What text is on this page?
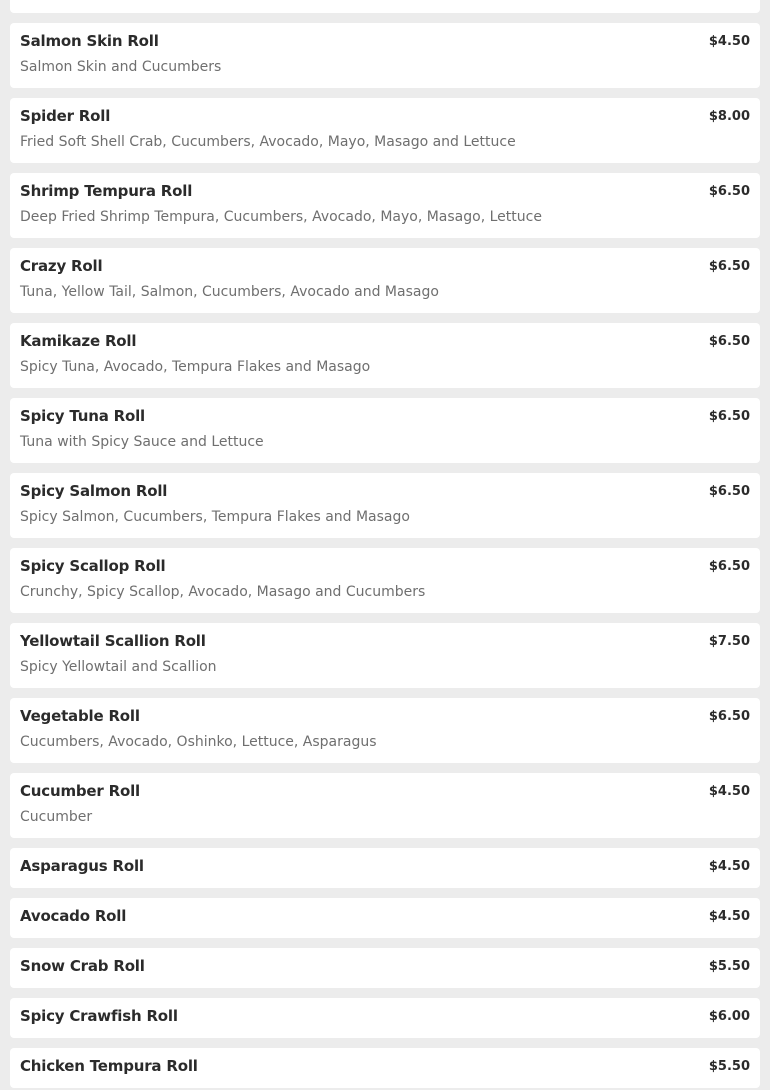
Salmon Skin Roll
Salmon Skin and Cucumbers
$4.50
Spider Roll
Fried Soft Shell Crab, Cucumbers, Avocado, Mayo, Masago and Lettuce
$8.00
Shrimp Tempura Roll
Deep Fried Shrimp Tempura, Cucumbers, Avocado, Mayo, Masago, Lettuce
$6.50
Crazy Roll
Tuna, Yellow Tail, Salmon, Cucumbers, Avocado and Masago
$6.50
Kamikaze Roll
Spicy Tuna, Avocado, Tempura Flakes and Masago
$6.50
Spicy Tuna Roll
Tuna with Spicy Sauce and Lettuce
$6.50
Spicy Salmon Roll
Spicy Salmon, Cucumbers, Tempura Flakes and Masago
$6.50
Spicy Scallop Roll
Crunchy, Spicy Scallop, Avocado, Masago and Cucumbers
$6.50
Yellowtail Scallion Roll
Spicy Yellowtail and Scallion
$7.50
Vegetable Roll
Cucumbers, Avocado, Oshinko, Lettuce, Asparagus
$6.50
Cucumber Roll
Cucumber
$4.50
Asparagus Roll	$4.50
Avocado Roll	$4.50
Snow Crab Roll	$5.50
Spicy Crawfish Roll	$6.00
Chicken Tempura Roll	$5.50
